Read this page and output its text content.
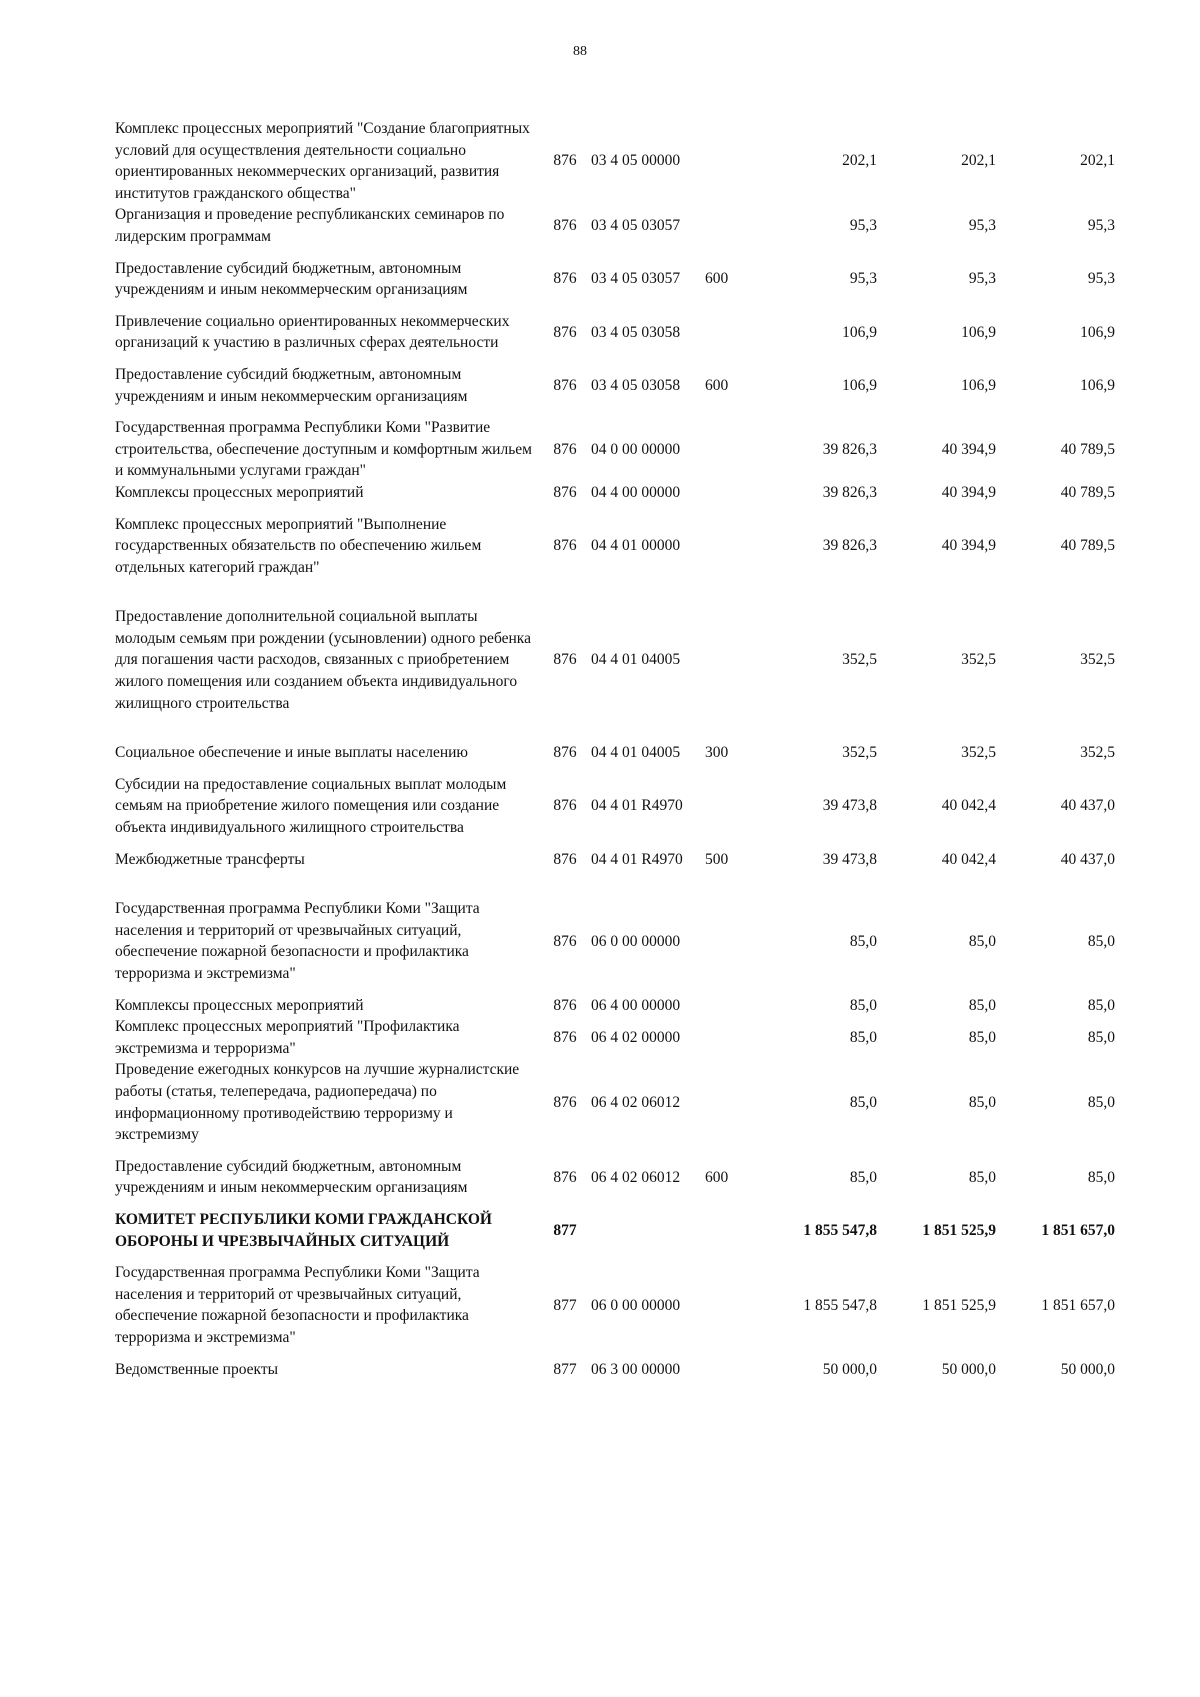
88
Комплекс процессных мероприятий "Создание благоприятных условий для осуществления деятельности социально ориентированных некоммерческих организаций, развития институтов гражданского общества"	876	03 4 05 00000		202,1	202,1	202,1
Организация и проведение республиканских семинаров по лидерским программам	876	03 4 05 03057		95,3	95,3	95,3
Предоставление субсидий бюджетным, автономным учреждениям и иным некоммерческим организациям	876	03 4 05 03057	600	95,3	95,3	95,3
Привлечение социально ориентированных некоммерческих организаций к участию в различных сферах деятельности	876	03 4 05 03058		106,9	106,9	106,9
Предоставление субсидий бюджетным, автономным учреждениям и иным некоммерческим организациям	876	03 4 05 03058	600	106,9	106,9	106,9
Государственная программа Республики Коми "Развитие строительства, обеспечение доступным и комфортным жильем и коммунальными услугами граждан"	876	04 0 00 00000		39 826,3	40 394,9	40 789,5
Комплексы процессных мероприятий	876	04 4 00 00000		39 826,3	40 394,9	40 789,5
Комплекс процессных мероприятий "Выполнение государственных обязательств по обеспечению жильем отдельных категорий граждан"	876	04 4 01 00000		39 826,3	40 394,9	40 789,5
Предоставление дополнительной социальной выплаты молодым семьям при рождении (усыновлении) одного ребенка для погашения части расходов, связанных с приобретением жилого помещения или созданием объекта индивидуального жилищного строительства	876	04 4 01 04005		352,5	352,5	352,5
Социальное обеспечение и иные выплаты населению	876	04 4 01 04005	300	352,5	352,5	352,5
Субсидии на предоставление социальных выплат молодым семьям на приобретение жилого помещения или создание объекта индивидуального жилищного строительства	876	04 4 01 R4970		39 473,8	40 042,4	40 437,0
Межбюджетные трансферты	876	04 4 01 R4970	500	39 473,8	40 042,4	40 437,0
Государственная программа Республики Коми "Защита населения и территорий от чрезвычайных ситуаций, обеспечение пожарной безопасности и профилактика терроризма и экстремизма"	876	06 0 00 00000		85,0	85,0	85,0
Комплексы процессных мероприятий	876	06 4 00 00000		85,0	85,0	85,0
Комплекс процессных мероприятий "Профилактика экстремизма и терроризма"	876	06 4 02 00000		85,0	85,0	85,0
Проведение ежегодных конкурсов на лучшие журналистские работы (статья, телепередача, радиопередача) по информационному противодействию терроризму и экстремизму	876	06 4 02 06012		85,0	85,0	85,0
Предоставление субсидий бюджетным, автономным учреждениям и иным некоммерческим организациям	876	06 4 02 06012	600	85,0	85,0	85,0
КОМИТЕТ РЕСПУБЛИКИ КОМИ ГРАЖДАНСКОЙ ОБОРОНЫ И ЧРЕЗВЫЧАЙНЫХ СИТУАЦИЙ	877			1 855 547,8	1 851 525,9	1 851 657,0
Государственная программа Республики Коми "Защита населения и территорий от чрезвычайных ситуаций, обеспечение пожарной безопасности и профилактика терроризма и экстремизма"	877	06 0 00 00000		1 855 547,8	1 851 525,9	1 851 657,0
Ведомственные проекты	877	06 3 00 00000		50 000,0	50 000,0	50 000,0
